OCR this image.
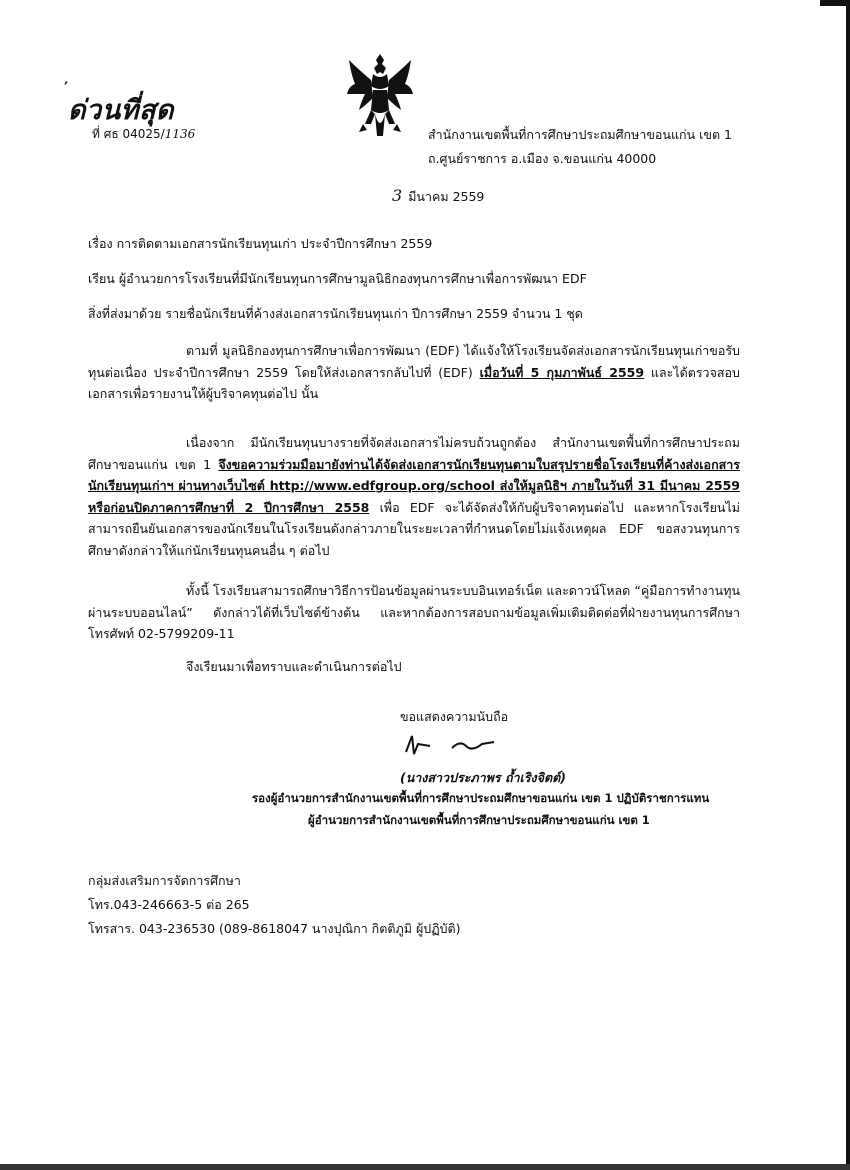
′
ด่วนที่สุด
ที่ ศธ 04025/1136	สำนักงานเขตพื้นที่การศึกษาประถมศึกษาขอนแก่น เขต 1
ถ.ศูนย์ราชการ อ.เมือง จ.ขอนแก่น 40000
3 มีนาคม 2559
เรื่อง การติดตามเอกสารนักเรียนทุนเก่า ประจำปีการศึกษา 2559
เรียน ผู้อำนวยการโรงเรียนที่มีนักเรียนทุนการศึกษามูลนิธิกองทุนการศึกษาเพื่อการพัฒนา EDF
สิ่งที่ส่งมาด้วย รายชื่อนักเรียนที่ค้างส่งเอกสารนักเรียนทุนเก่า ปีการศึกษา 2559 จำนวน 1 ชุด
ตามที่ มูลนิธิกองทุนการศึกษาเพื่อการพัฒนา (EDF) ได้แจ้งให้โรงเรียนจัดส่งเอกสารนักเรียนทุนเก่าขอรับทุนต่อเนื่อง ประจำปีการศึกษา 2559 โดยให้ส่งเอกสารกลับไปที่ (EDF) เมื่อวันที่ 5 กุมภาพันธ์ 2559 และได้ตรวจสอบเอกสารเพื่อรายงานให้ผู้บริจาคทุนต่อไป นั้น
เนื่องจาก มีนักเรียนทุนบางรายที่จัดส่งเอกสารไม่ครบถ้วนถูกต้อง สำนักงานเขตพื้นที่การศึกษาประถมศึกษาขอนแก่น เขต 1 จึงขอความร่วมมือมายังท่านได้จัดส่งเอกสารนักเรียนทุนตามใบสรุปรายชื่อโรงเรียนที่ค้างส่งเอกสารนักเรียนทุนเก่าฯ ผ่านทางเว็บไซต์ http://www.edfgroup.org/school ส่งให้มูลนิธิฯ ภายในวันที่ 31 มีนาคม 2559 หรือก่อนปิดภาคการศึกษาที่ 2 ปีการศึกษา 2558 เพื่อ EDF จะได้จัดส่งให้กับผู้บริจาคทุนต่อไป และหากโรงเรียนไม่สามารถยืนยันเอกสารของนักเรียนในโรงเรียนดังกล่าวภายในระยะเวลาที่กำหนดโดยไม่แจ้งเหตุผล EDF ขอสงวนทุนการศึกษาดังกล่าวให้แก่นักเรียนทุนคนอื่น ๆ ต่อไป
ทั้งนี้ โรงเรียนสามารถศึกษาวิธีการป้อนข้อมูลผ่านระบบอินเทอร์เน็ต และดาวน์โหลด “คู่มือการทำงานทุน ผ่านระบบออนไลน์” ดังกล่าวได้ที่เว็บไซต์ข้างต้น และหากต้องการสอบถามข้อมูลเพิ่มเติมติดต่อที่ฝ่ายงานทุนการศึกษา โทรศัพท์ 02-5799209-11
จึงเรียนมาเพื่อทราบและดำเนินการต่อไป
ขอแสดงความนับถือ
(นางสาวประภาพร ถ้ำเริงจิตต์)
รองผู้อำนวยการสำนักงานเขตพื้นที่การศึกษาประถมศึกษาขอนแก่น เขต 1 ปฏิบัติราชการแทน
ผู้อำนวยการสำนักงานเขตพื้นที่การศึกษาประถมศึกษาขอนแก่น เขต 1
กลุ่มส่งเสริมการจัดการศึกษา
โทร.043-246663-5 ต่อ 265
โทรสาร. 043-236530 (089-8618047 นางปุณิกา กิตติภูมิ ผู้ปฏิบัติ)
